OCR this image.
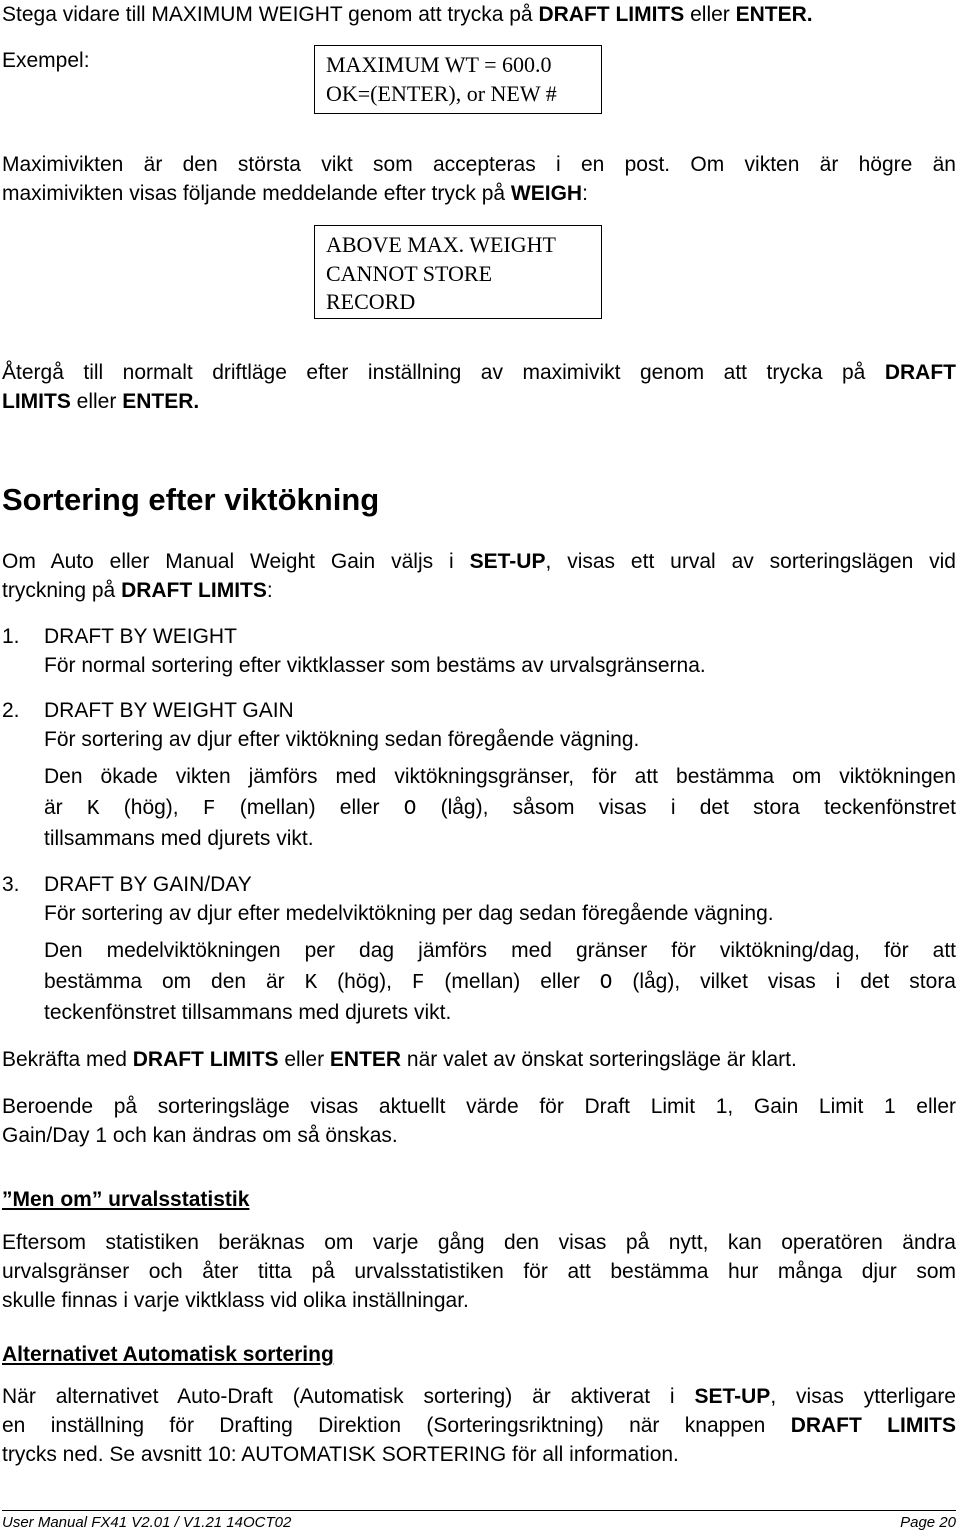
Stega vidare till MAXIMUM WEIGHT genom att trycka på DRAFT LIMITS eller ENTER.
Exempel:	MAXIMUM WT = 600.0
OK=(ENTER), or NEW #
Maximivikten är den största vikt som accepteras i en post. Om vikten är högre än
maximivikten visas följande meddelande efter tryck på WEIGH:
ABOVE MAX. WEIGHT
CANNOT STORE
RECORD
Återgå till normalt driftläge efter inställning av maximivikt genom att trycka på DRAFT
LIMITS eller ENTER.
Sortering efter viktökning
Om Auto eller Manual Weight Gain väljs i SET-UP, visas ett urval av sorteringslägen vid
tryckning på DRAFT LIMITS:
1. DRAFT BY WEIGHT
För normal sortering efter viktklasser som bestäms av urvalsgränserna.
2. DRAFT BY WEIGHT GAIN
För sortering av djur efter viktökning sedan föregående vägning.
Den ökade vikten jämförs med viktökningsgränser, för att bestämma om viktökningen
är K (hög), F (mellan) eller O (låg), såsom visas i det stora teckenfönstret
tillsammans med djurets vikt.
3. DRAFT BY GAIN/DAY
För sortering av djur efter medelviktökning per dag sedan föregående vägning.
Den medelviktökningen per dag jämförs med gränser för viktökning/dag, för att
bestämma om den är K (hög), F (mellan) eller O (låg), vilket visas i det stora
teckenfönstret tillsammans med djurets vikt.
Bekräfta med DRAFT LIMITS eller ENTER när valet av önskat sorteringsläge är klart.
Beroende på sorteringsläge visas aktuellt värde för Draft Limit 1, Gain Limit 1 eller
Gain/Day 1 och kan ändras om så önskas.
”Men om” urvalsstatistik
Eftersom statistiken beräknas om varje gång den visas på nytt, kan operatören ändra
urvalsgränser och åter titta på urvalsstatistiken för att bestämma hur många djur som
skulle finnas i varje viktklass vid olika inställningar.
Alternativet Automatisk sortering
När alternativet Auto-Draft (Automatisk sortering) är aktiverat i SET-UP, visas ytterligare
en inställning för Drafting Direktion (Sorteringsriktning) när knappen DRAFT LIMITS
trycks ned. Se avsnitt 10: AUTOMATISK SORTERING för all information.
User Manual FX41 V2.01 / V1.21 14OCT02	Page 20
